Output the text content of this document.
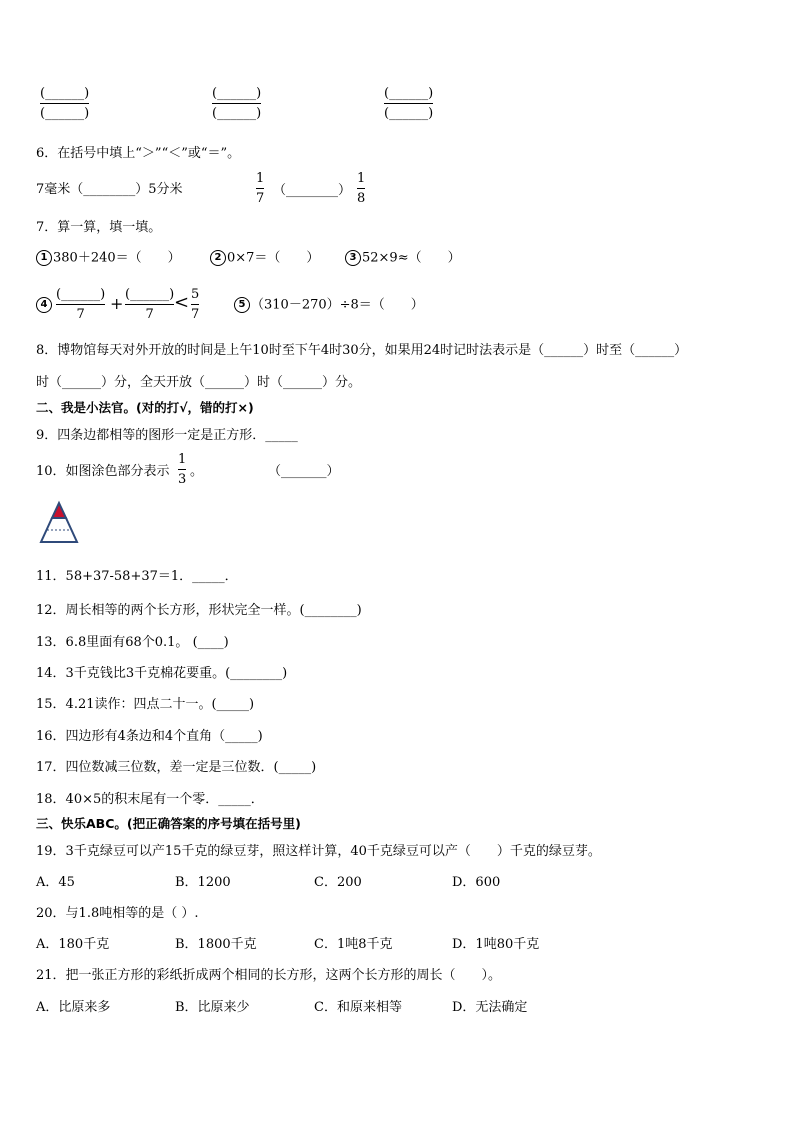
(______)
(______)
(______)
(______)
(______)
(______)
6．在括号中填上“＞”“＜”或“＝”。
7毫米（________）5分米
1
7
（________）
1
8
7．算一算，填一填。
1 380＋240＝（　　）	2 0×7＝（　　）	3 52×9≈（　　）
4
(______)
7
+ (______)
7
< 5
7
5 （310－270）÷8＝（　　）
8．博物馆每天对外开放的时间是上午10时至下午4时30分，如果用24时记时法表示是（______）时至（______）
时（______）分，全天开放（______）时（______）分。
二、我是小法官。(对的打√，错的打×)
9．四条边都相等的图形一定是正方形．_____
10．如图涂色部分表示
1
3
。	（_______）
11．58+37-58+37＝1．_____．
12．周长相等的两个长方形，形状完全一样。(________)
13．6.8里面有68个0.1。 (____)
14．3千克钱比3千克棉花要重。(________)
15．4.21读作：四点二十一。(_____)
16．四边形有4条边和4个直角（_____)
17．四位数减三位数，差一定是三位数．(_____)
18．40×5的积末尾有一个零．_____．
三、快乐ABC。(把正确答案的序号填在括号里)
19．3千克绿豆可以产15千克的绿豆芽，照这样计算，40千克绿豆可以产（　　）千克的绿豆芽。
A．45	B．1200	C．200	D．600
20．与1.8吨相等的是（ ）.
A．180千克	B．1800千克	C．1吨8千克	D．1吨80千克
21．把一张正方形的彩纸折成两个相同的长方形，这两个长方形的周长（　　）。
A．比原来多	B．比原来少	C．和原来相等	D．无法确定
